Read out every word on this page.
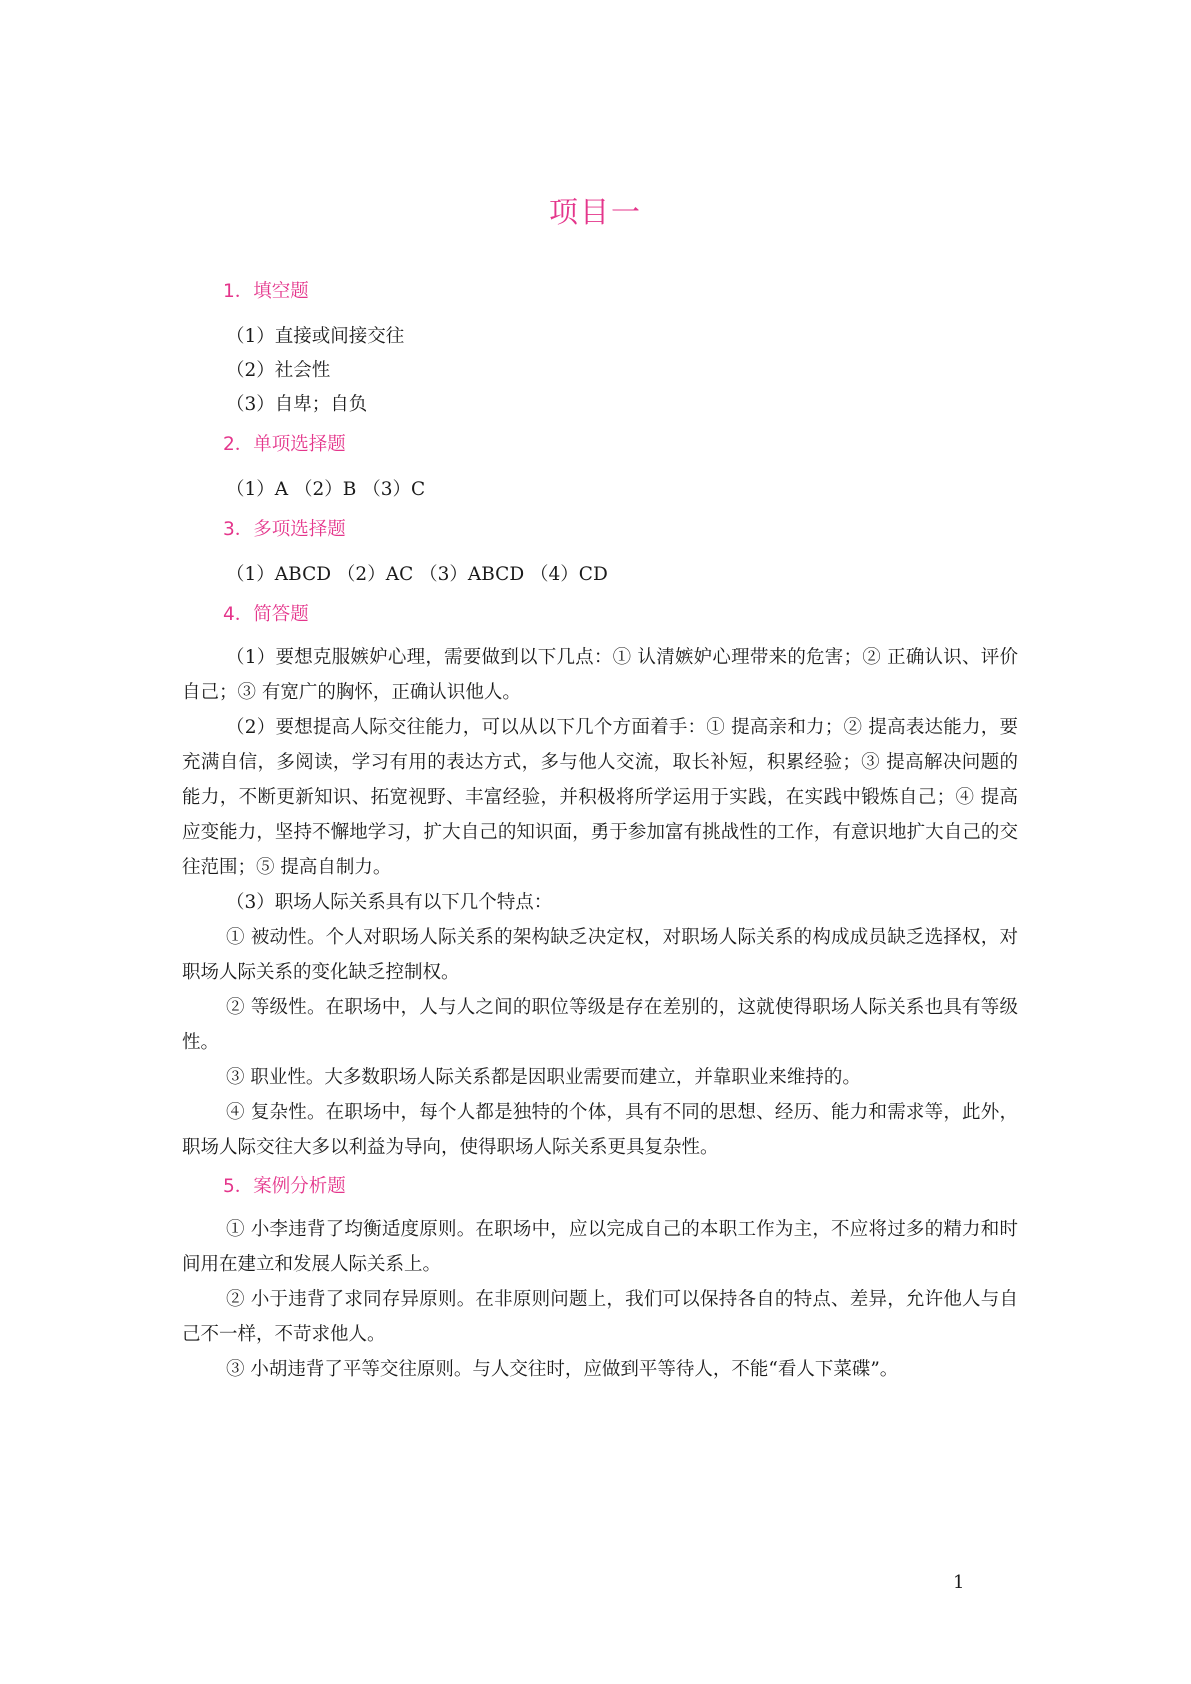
项目一
1．填空题
（1）直接或间接交往
（2）社会性
（3）自卑；自负
2．单项选择题
（1）A （2）B （3）C
3．多项选择题
（1）ABCD （2）AC （3）ABCD （4）CD
4．简答题

（1）要想克服嫉妒心理，需要做到以下几点：① 认清嫉妒心理带来的危害；② 正确认识、评价自己；③ 有宽广的胸怀，正确认识他人。

（2）要想提高人际交往能力，可以从以下几个方面着手：① 提高亲和力；② 提高表达能力，要充满自信，多阅读，学习有用的表达方式，多与他人交流，取长补短，积累经验；③ 提高解决问题的能力，不断更新知识、拓宽视野、丰富经验，并积极将所学运用于实践，在实践中锻炼自己；④ 提高应变能力，坚持不懈地学习，扩大自己的知识面，勇于参加富有挑战性的工作，有意识地扩大自己的交往范围；⑤ 提高自制力。

（3）职场人际关系具有以下几个特点：

① 被动性。个人对职场人际关系的架构缺乏决定权，对职场人际关系的构成成员缺乏选择权，对职场人际关系的变化缺乏控制权。

② 等级性。在职场中，人与人之间的职位等级是存在差别的，这就使得职场人际关系也具有等级性。

③ 职业性。大多数职场人际关系都是因职业需要而建立，并靠职业来维持的。

④ 复杂性。在职场中，每个人都是独特的个体，具有不同的思想、经历、能力和需求等，此外，职场人际交往大多以利益为导向，使得职场人际关系更具复杂性。

5．案例分析题

① 小李违背了均衡适度原则。在职场中，应以完成自己的本职工作为主，不应将过多的精力和时间用在建立和发展人际关系上。

② 小于违背了求同存异原则。在非原则问题上，我们可以保持各自的特点、差异，允许他人与自己不一样，不苛求他人。

③ 小胡违背了平等交往原则。与人交往时，应做到平等待人，不能“看人下菜碟”。

1
